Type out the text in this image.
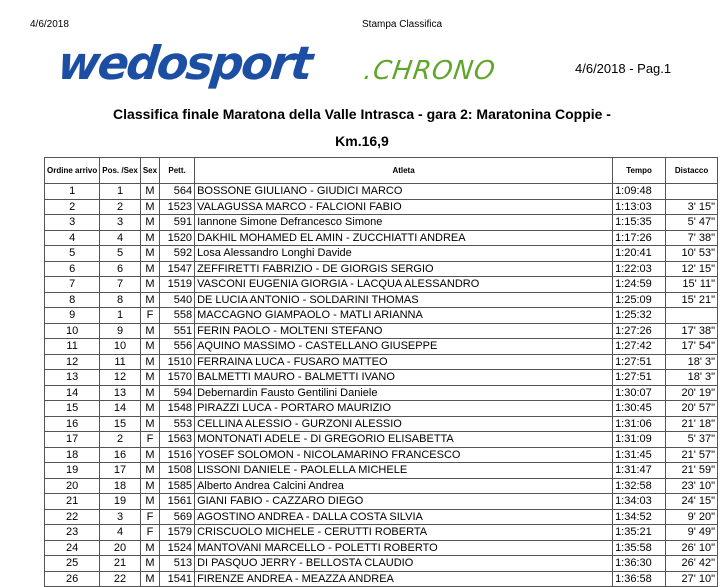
4/6/2018	Stampa Classifica
wedosport .CHRONO	4/6/2018 - Pag.1
Classifica finale Maratona della Valle Intrasca - gara 2: Maratonina Coppie -
Km.16,9
Ordine arrivo	Pos. /Sex	Sex	Pett.	Atleta	Tempo	Distacco
1	1	M	564	BOSSONE GIULIANO - GIUDICI MARCO	1:09:48	
2	2	M	1523	VALAGUSSA MARCO - FALCIONI FABIO	1:13:03	3' 15"
3	3	M	591	Iannone Simone Defrancesco Simone	1:15:35	5' 47"
4	4	M	1520	DAKHIL MOHAMED EL AMIN - ZUCCHIATTI ANDREA	1:17:26	7' 38"
5	5	M	592	Losa Alessandro Longhi Davide	1:20:41	10' 53"
6	6	M	1547	ZEFFIRETTI FABRIZIO - DE GIORGIS SERGIO	1:22:03	12' 15"
7	7	M	1519	VASCONI EUGENIA GIORGIA - LACQUA ALESSANDRO	1:24:59	15' 11"
8	8	M	540	DE LUCIA ANTONIO - SOLDARINI THOMAS	1:25:09	15' 21"
9	1	F	558	MACCAGNO GIAMPAOLO - MATLI ARIANNA	1:25:32	
10	9	M	551	FERIN PAOLO - MOLTENI STEFANO	1:27:26	17' 38"
11	10	M	556	AQUINO MASSIMO - CASTELLANO GIUSEPPE	1:27:42	17' 54"
12	11	M	1510	FERRAINA LUCA - FUSARO MATTEO	1:27:51	18' 3"
13	12	M	1570	BALMETTI MAURO - BALMETTI IVANO	1:27:51	18' 3"
14	13	M	594	Debernardin Fausto Gentilini Daniele	1:30:07	20' 19"
15	14	M	1548	PIRAZZI LUCA - PORTARO MAURIZIO	1:30:45	20' 57"
16	15	M	553	CELLINA ALESSIO - GURZONI ALESSIO	1:31:06	21' 18"
17	2	F	1563	MONTONATI ADELE - DI GREGORIO ELISABETTA	1:31:09	5' 37"
18	16	M	1516	YOSEF SOLOMON - NICOLAMARINO FRANCESCO	1:31:45	21' 57"
19	17	M	1508	LISSONI DANIELE - PAOLELLA MICHELE	1:31:47	21' 59"
20	18	M	1585	Alberto Andrea Calcini Andrea	1:32:58	23' 10"
21	19	M	1561	GIANI FABIO - CAZZARO DIEGO	1:34:03	24' 15"
22	3	F	569	AGOSTINO ANDREA - DALLA COSTA SILVIA	1:34:52	9' 20"
23	4	F	1579	CRISCUOLO MICHELE - CERUTTI ROBERTA	1:35:21	9' 49"
24	20	M	1524	MANTOVANI MARCELLO - POLETTI ROBERTO	1:35:58	26' 10"
25	21	M	513	DI PASQUO JERRY - BELLOSTA CLAUDIO	1:36:30	26' 42"
26	22	M	1541	FIRENZE ANDREA - MEAZZA ANDREA	1:36:58	27' 10"
